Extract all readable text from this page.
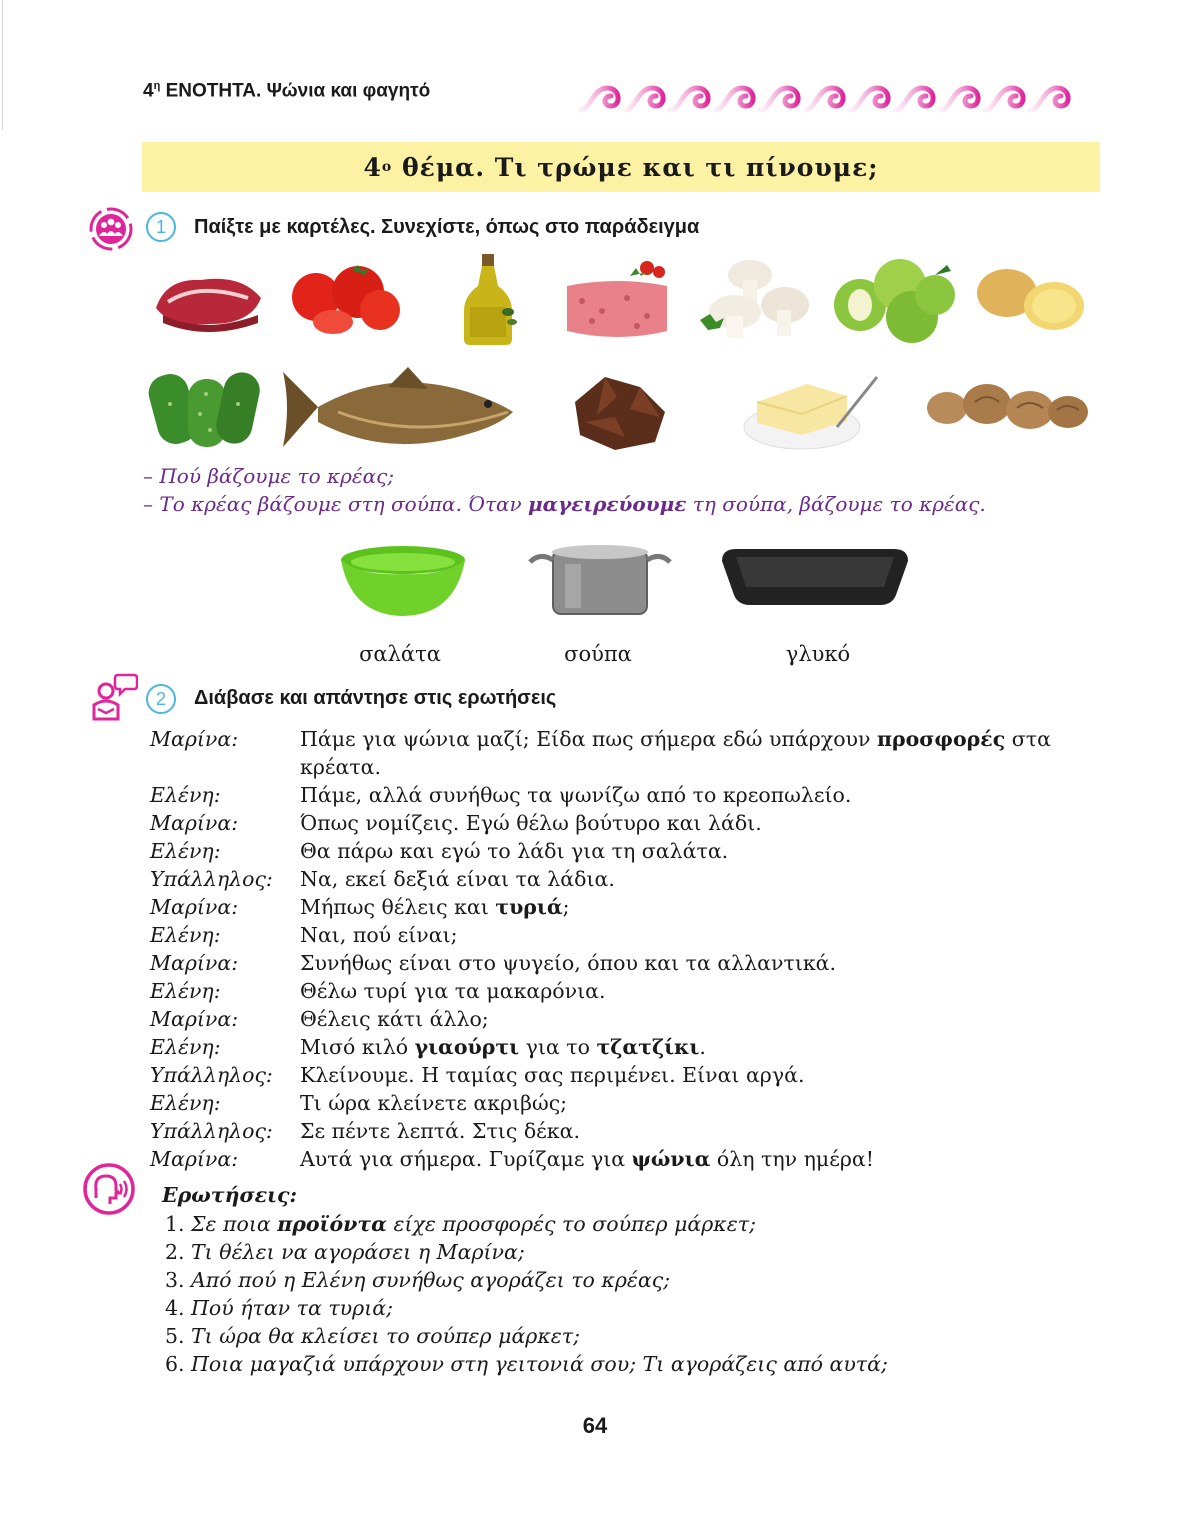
$4^\eta$ ΕΝΟΤΗΤΑ. Ψώνια και φαγητό
4 ο
θέμα. Τι τρώμε και τι πίνουμε;
1	Παίξτε με καρτέλες. Συνεχίστε, όπως στο παράδειγμα
– Πού βάζουμε το κρέας;
– Το κρέας βάζουμε στη σούπα. Όταν μαγειρεύουμε τη σούπα, βάζουμε το κρέας.
σαλάτα	σούπα	γλυκό
2	Διάβασε και απάντησε στις ερωτήσεις
Μαρίνα:	Πάμε για ψώνια μαζί; Είδα πως σήμερα εδώ υπάρχουν προσφορές στα
κρέατα.
Ελένη:	Πάμε, αλλά συνήθως τα ψωνίζω από το κρεοπωλείο.
Μαρίνα:	Όπως νομίζεις. Εγώ θέλω βούτυρο και λάδι.
Ελένη:	Θα πάρω και εγώ το λάδι για τη σαλάτα.
Υπάλληλος:	Να, εκεί δεξιά είναι τα λάδια.
Μαρίνα:	Μήπως θέλεις και τυριά;
Ελένη:	Ναι, πού είναι;
Μαρίνα:	Συνήθως είναι στο ψυγείο, όπου και τα αλλαντικά.
Ελένη:	Θέλω τυρί για τα μακαρόνια.
Μαρίνα:	Θέλεις κάτι άλλο;
Ελένη:	Μισό κιλό γιαούρτι για το τζατζίκι.
Υπάλληλος:	Κλείνουμε. Η ταμίας σας περιμένει. Είναι αργά.
Ελένη:	Τι ώρα κλείνετε ακριβώς;
Υπάλληλος:	Σε πέντε λεπτά. Στις δέκα.
Μαρίνα:	Αυτά για σήμερα. Γυρίζαμε για ψώνια όλη την ημέρα!
Ερωτήσεις:
1. Σε ποια προϊόντα είχε προσφορές το σούπερ μάρκετ;
2. Τι θέλει να αγοράσει η Μαρίνα;
3. Από πού η Ελένη συνήθως αγοράζει το κρέας;
4. Πού ήταν τα τυριά;
5. Τι ώρα θα κλείσει το σούπερ μάρκετ;
6. Ποια μαγαζιά υπάρχουν στη γειτονιά σου; Τι αγοράζεις από αυτά;
64
